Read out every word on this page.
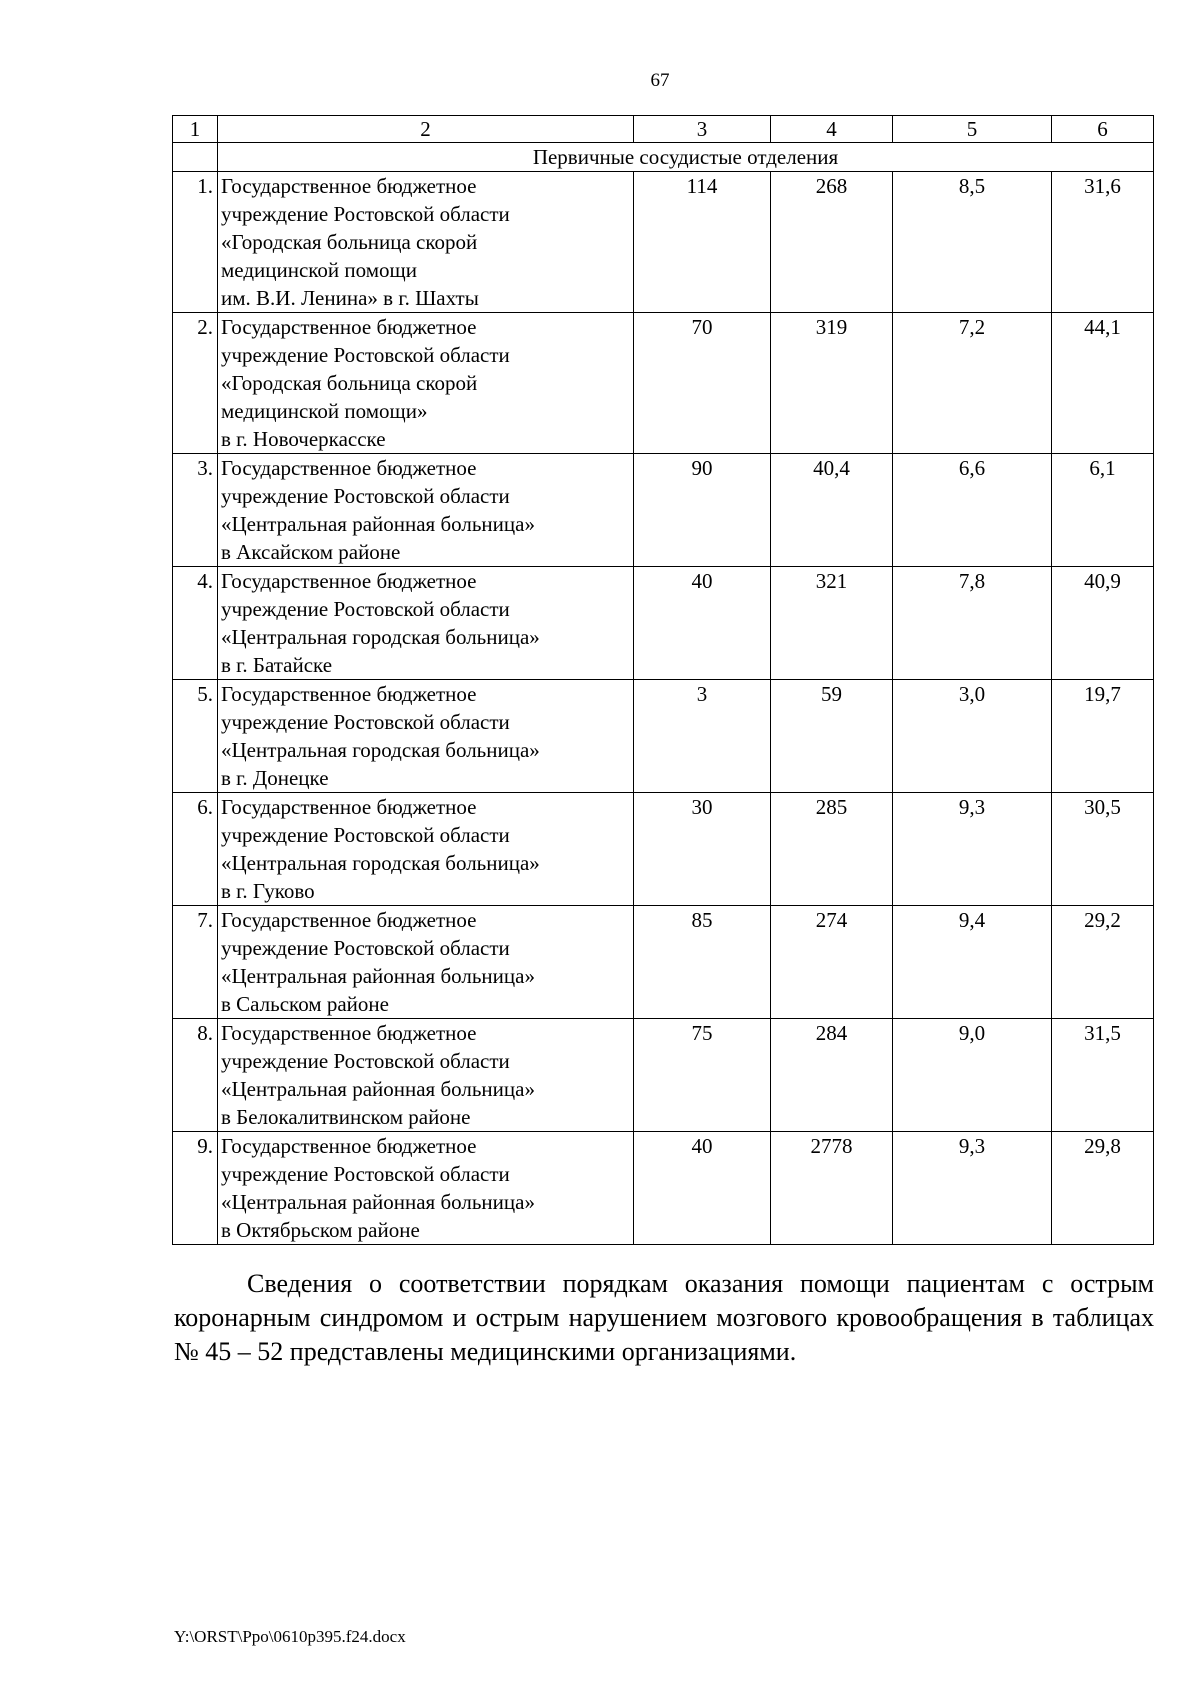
67
1	2	3	4	5	6
	Первичные сосудистые отделения				
1.	Государственное бюджетное
учреждение Ростовской области
«Городская больница скорой
медицинской помощи
им. В.И. Ленина» в г. Шахты	114	268	8,5	31,6
2.	Государственное бюджетное
учреждение Ростовской области
«Городская больница скорой
медицинской помощи»
в г. Новочеркасске	70	319	7,2	44,1
3.	Государственное бюджетное
учреждение Ростовской области
«Центральная районная больница»
в Аксайском районе	90	40,4	6,6	6,1
4.	Государственное бюджетное
учреждение Ростовской области
«Центральная городская больница»
в г. Батайске	40	321	7,8	40,9
5.	Государственное бюджетное
учреждение Ростовской области
«Центральная городская больница»
в г. Донецке	3	59	3,0	19,7
6.	Государственное бюджетное
учреждение Ростовской области
«Центральная городская больница»
в г. Гуково	30	285	9,3	30,5
7.	Государственное бюджетное
учреждение Ростовской области
«Центральная районная больница»
в Сальском районе	85	274	9,4	29,2
8.	Государственное бюджетное
учреждение Ростовской области
«Центральная районная больница»
в Белокалитвинском районе	75	284	9,0	31,5
9.	Государственное бюджетное
учреждение Ростовской области
«Центральная районная больница»
в Октябрьском районе	40	2778	9,3	29,8
Сведения о соответствии порядкам оказания помощи пациентам с острым коронарным синдромом и острым нарушением мозгового кровообращения в таблицах № 45 – 52 представлены медицинскими организациями.
Y:\ORST\Ppo\0610p395.f24.docx
